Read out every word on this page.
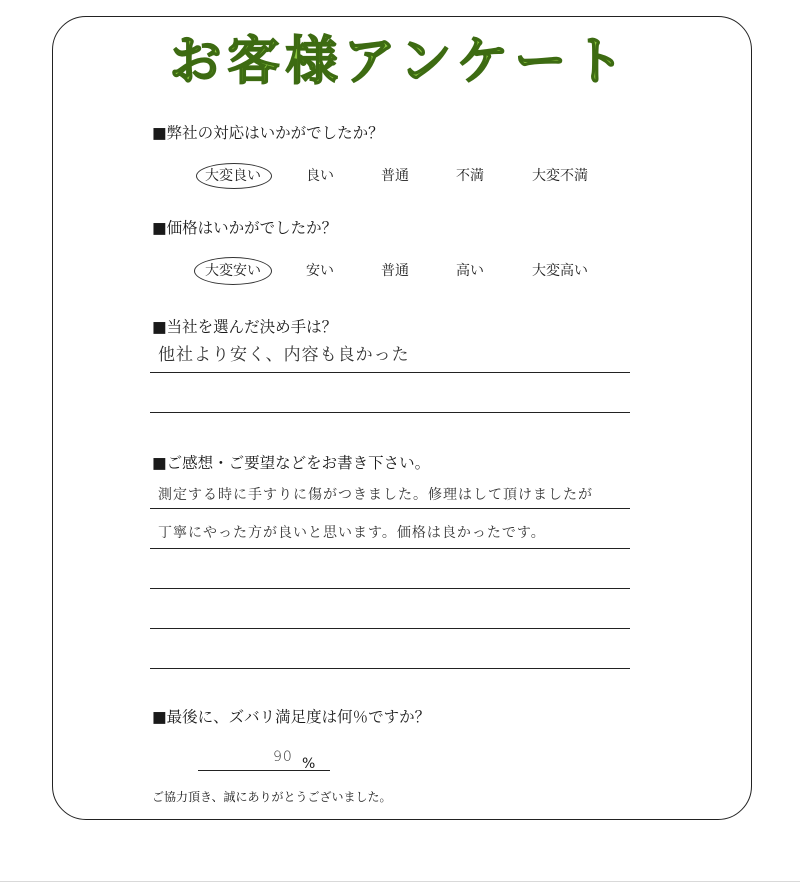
お客様アンケート
■弊社の対応はいかがでしたか？
大変良い	良い	普通	不満	大変不満
■価格はいかがでしたか？
大変安い	安い	普通	高い	大変高い
■当社を選んだ決め手は？
他社より安く、内容も良かった
■ご感想・ご要望などをお書き下さい。
測定する時に手すりに傷がつきました。修理はして頂けましたが
丁寧にやった方が良いと思います。価格は良かったです。
■最後に、ズバリ満足度は何％ですか？
90 %
ご協力頂き、誠にありがとうございました。
